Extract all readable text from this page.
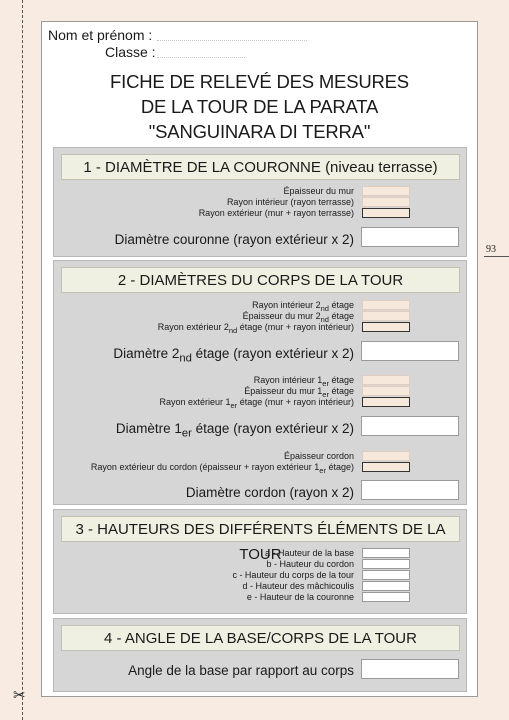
✂
93
Nom et prénom :
Classe :
FICHE DE RELEVÉ DES MESURES
DE LA TOUR DE LA PARATA
"SANGUINARA DI TERRA"
1 - DIAMÈTRE DE LA COURONNE (niveau terrasse)
Épaisseur du mur
Rayon intérieur (rayon terrasse)
Rayon extérieur (mur + rayon terrasse)
Diamètre couronne (rayon extérieur x 2)
2 - DIAMÈTRES DU CORPS DE LA TOUR
Rayon intérieur $2_{nd}$ étage
Épaisseur du mur $2_{nd}$ étage
Rayon extérieur $2_{nd}$ étage (mur + rayon intérieur)
Diamètre $2_{nd}$ étage (rayon extérieur x 2)
Rayon intérieur $1_{er}$ étage
Épaisseur du mur $1_{er}$ étage
Rayon extérieur $1_{er}$ étage (mur + rayon intérieur)
Diamètre $1_{er}$ étage (rayon extérieur x 2)
Épaisseur cordon
Rayon extérieur du cordon (épaisseur + rayon extérieur $1_{er}$ étage)
Diamètre cordon (rayon x 2)
3 - HAUTEURS DES DIFFÉRENTS ÉLÉMENTS DE LA TOUR
a - Hauteur de la base
b - Hauteur du cordon
c - Hauteur du corps de la tour
d - Hauteur des mâchicoulis
e - Hauteur de la couronne
4 - ANGLE DE LA BASE/CORPS DE LA TOUR
Angle de la base par rapport au corps
